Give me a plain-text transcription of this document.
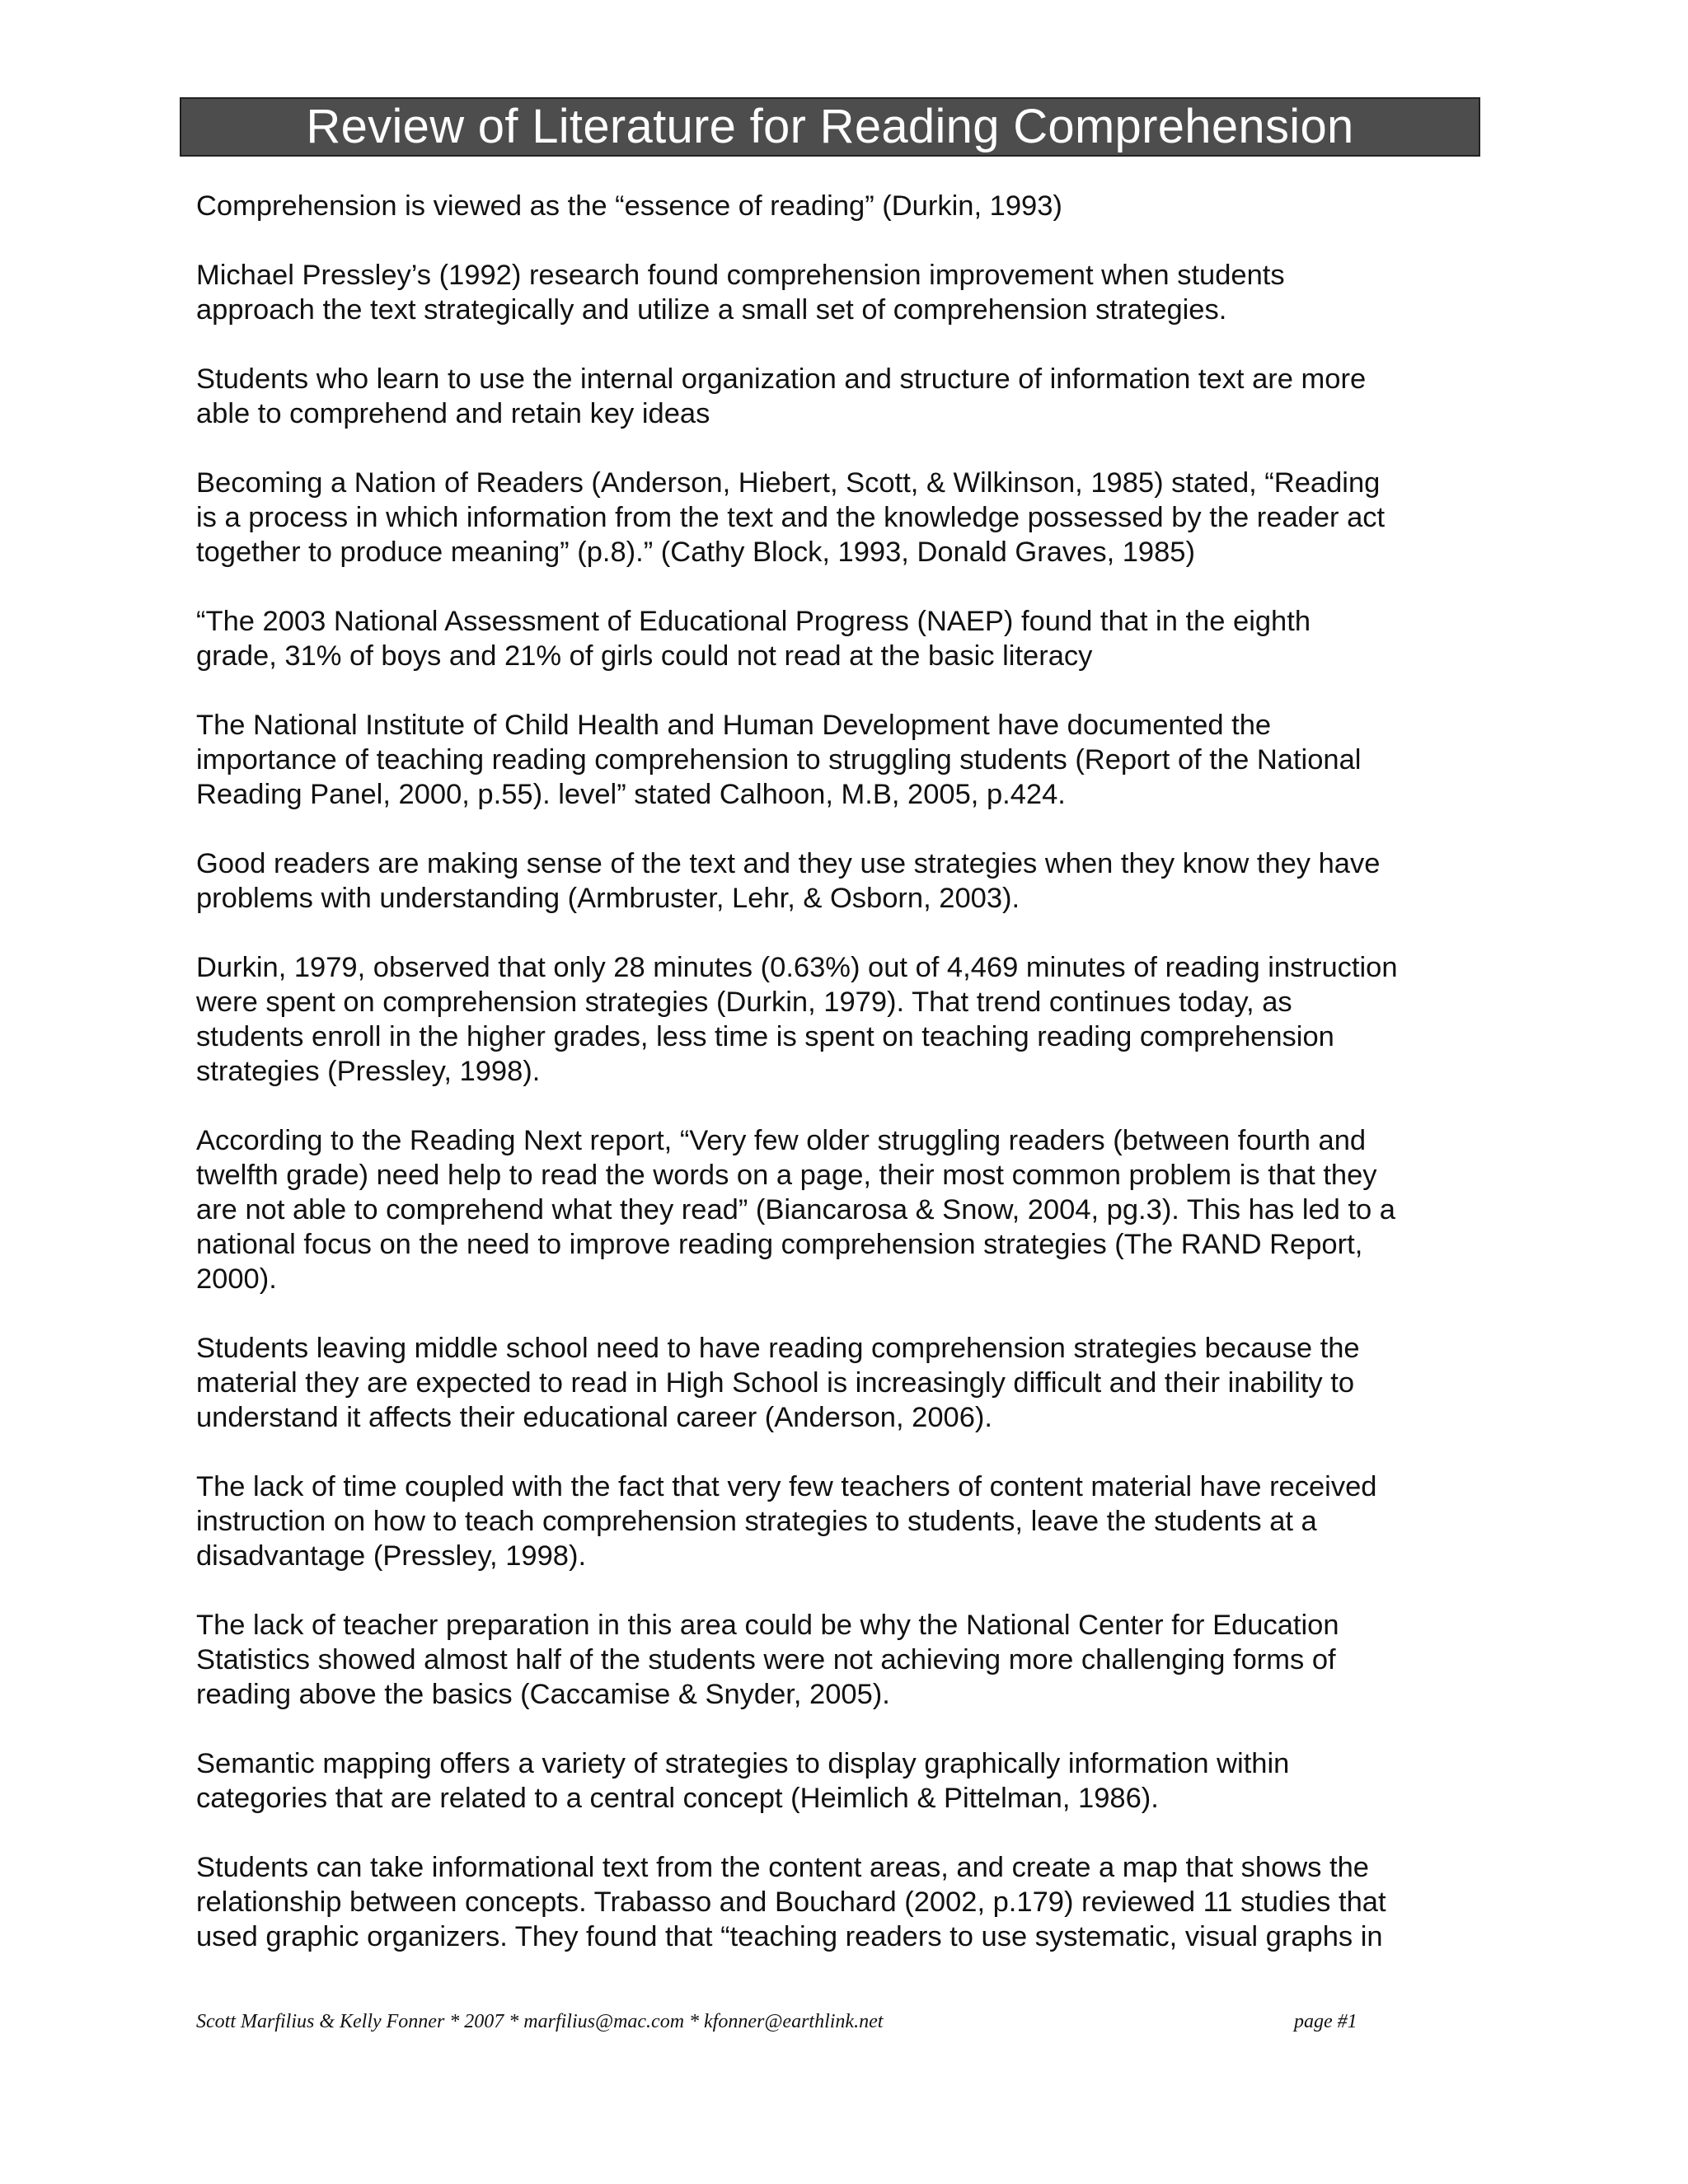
Review of Literature for Reading Comprehension

Comprehension is viewed as the “essence of reading” (Durkin, 1993)

Michael Pressley’s (1992) research found comprehension improvement when students
approach the text strategically and utilize a small set of comprehension strategies.

Students who learn to use the internal organization and structure of information text are more
able to comprehend and retain key ideas

Becoming a Nation of Readers (Anderson, Hiebert, Scott, & Wilkinson, 1985) stated, “Reading
is a process in which information from the text and the knowledge possessed by the reader act
together to produce meaning” (p.8).” (Cathy Block, 1993, Donald Graves, 1985)

“The 2003 National Assessment of Educational Progress (NAEP) found that in the eighth
grade, 31% of boys and 21% of girls could not read at the basic literacy

The National Institute of Child Health and Human Development have documented the
importance of teaching reading comprehension to struggling students (Report of the National
Reading Panel, 2000, p.55). level” stated Calhoon, M.B, 2005, p.424.

Good readers are making sense of the text and they use strategies when they know they have
problems with understanding (Armbruster, Lehr, & Osborn, 2003).

Durkin, 1979, observed that only 28 minutes (0.63%) out of 4,469 minutes of reading instruction
were spent on comprehension strategies (Durkin, 1979). That trend continues today, as
students enroll in the higher grades, less time is spent on teaching reading comprehension
strategies (Pressley, 1998).

According to the Reading Next report, “Very few older struggling readers (between fourth and
twelfth grade) need help to read the words on a page, their most common problem is that they
are not able to comprehend what they read” (Biancarosa & Snow, 2004, pg.3). This has led to a
national focus on the need to improve reading comprehension strategies (The RAND Report,
2000).

Students leaving middle school need to have reading comprehension strategies because the
material they are expected to read in High School is increasingly difficult and their inability to
understand it affects their educational career (Anderson, 2006).

The lack of time coupled with the fact that very few teachers of content material have received
instruction on how to teach comprehension strategies to students, leave the students at a
disadvantage (Pressley, 1998).

The lack of teacher preparation in this area could be why the National Center for Education
Statistics showed almost half of the students were not achieving more challenging forms of
reading above the basics (Caccamise & Snyder, 2005).

Semantic mapping offers a variety of strategies to display graphically information within
categories that are related to a central concept (Heimlich & Pittelman, 1986).

Students can take informational text from the content areas, and create a map that shows the
relationship between concepts. Trabasso and Bouchard (2002, p.179) reviewed 11 studies that
used graphic organizers. They found that “teaching readers to use systematic, visual graphs in

Scott Marfilius & Kelly Fonner * 2007 * marfilius@mac.com * kfonner@earthlink.net	page #1
